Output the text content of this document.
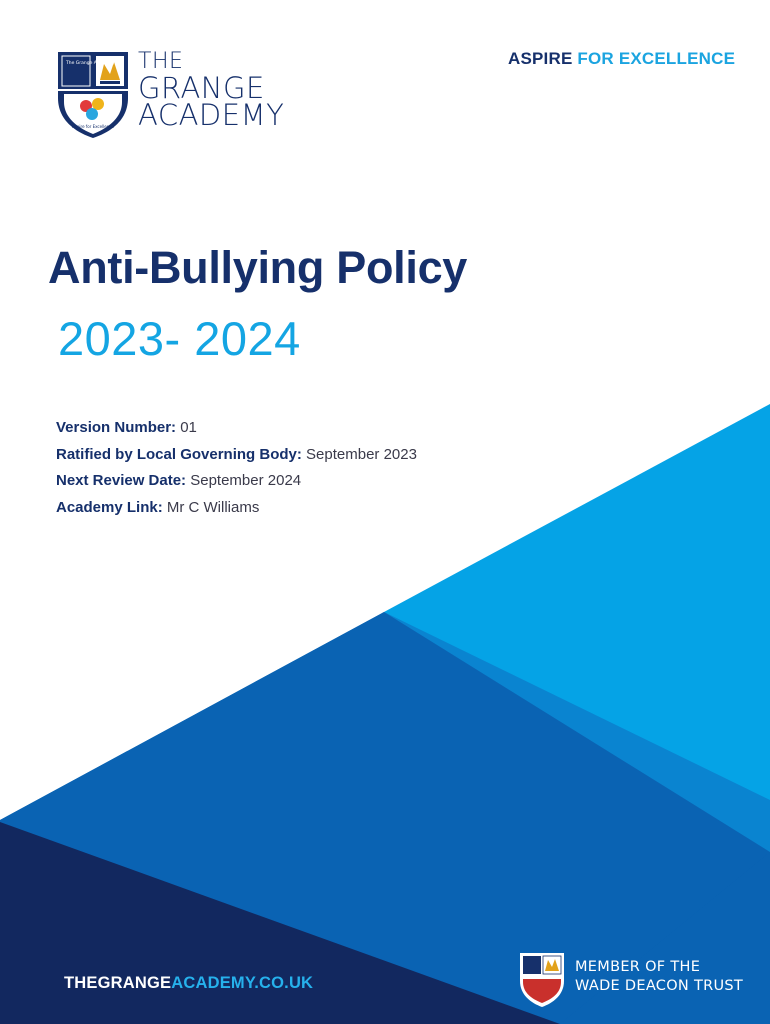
The Grange Academy
Aspire for Excellence
THE
GRANGE
ACADEMY
ASPIRE FOR EXCELLENCE
Anti-Bullying Policy
2023- 2024
Version Number: 01
Ratified by Local Governing Body: September 2023
Next Review Date: September 2024
Academy Link: Mr C Williams
THEGRANGEACADEMY.CO.UK
MEMBER OF THE
WADE DEACON TRUST
